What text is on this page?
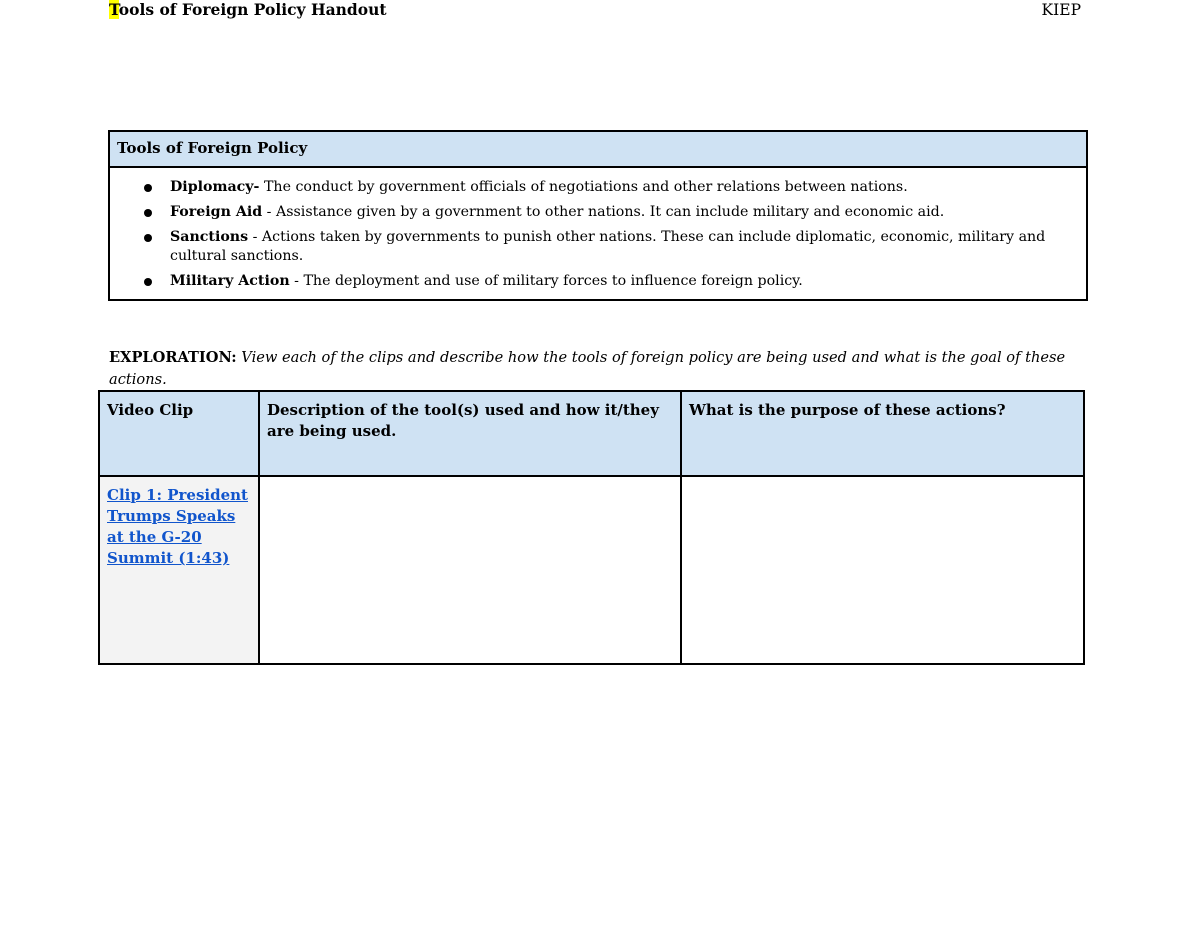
Tools of Foreign Policy Handout	KIEP
Tools of Foreign Policy
Diplomacy- The conduct by government officials of negotiations and other relations between nations.
Foreign Aid - Assistance given by a government to other nations. It can include military and economic aid.
Sanctions - Actions taken by governments to punish other nations. These can include diplomatic, economic, military and cultural sanctions.
Military Action - The deployment and use of military forces to influence foreign policy.
EXPLORATION: View each of the clips and describe how the tools of foreign policy are being used and what is the goal of these actions.
Video Clip	Description of the tool(s) used and how it/they are being used.	What is the purpose of these actions?
Clip 1: President Trumps Speaks at the G-20 Summit (1:43)		
